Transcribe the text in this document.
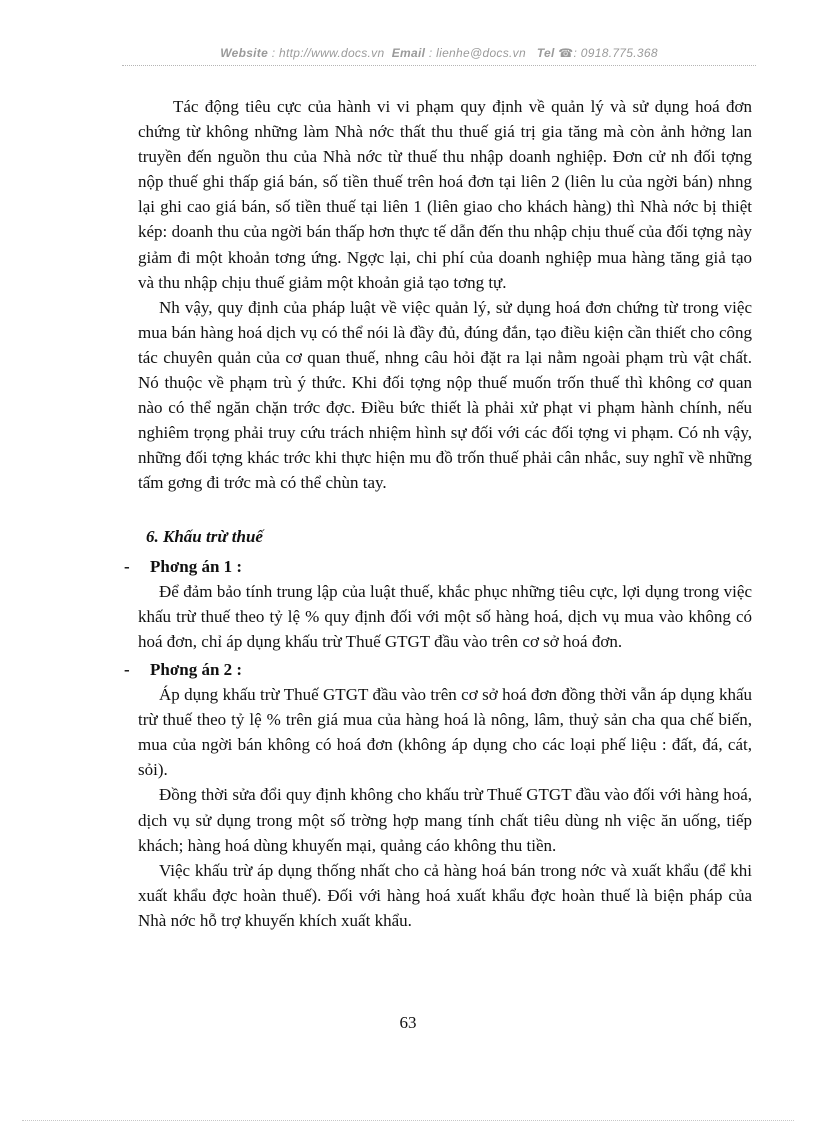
Website : http://www.docs.vn Email : lienhe@docs.vn Tel ☎: 0918.775.368

Tác động tiêu cực của hành vi vi phạm quy định về quản lý và sử dụng hoá đơn chứng từ không những làm Nhà nớc thất thu thuế giá trị gia tăng mà còn ảnh hởng lan truyền đến nguồn thu của Nhà nớc từ thuế thu nhập doanh nghiệp. Đơn cử nh đối tợng nộp thuế ghi thấp giá bán, số tiền thuế trên hoá đơn tại liên 2 (liên lu của ngời bán) nhng lại ghi cao giá bán, số tiền thuế tại liên 1 (liên giao cho khách hàng) thì Nhà nớc bị thiệt kép: doanh thu của ngời bán thấp hơn thực tế dẫn đến thu nhập chịu thuế của đối tợng này giảm đi một khoản tơng ứng. Ngợc lại, chi phí của doanh nghiệp mua hàng tăng giả tạo và thu nhập chịu thuế giảm một khoản giả tạo tơng tự.

Nh vậy, quy định của pháp luật về việc quản lý, sử dụng hoá đơn chứng từ trong việc mua bán hàng hoá dịch vụ có thể nói là đầy đủ, đúng đắn, tạo điều kiện cần thiết cho công tác chuyên quản của cơ quan thuế, nhng câu hỏi đặt ra lại nằm ngoài phạm trù vật chất. Nó thuộc về phạm trù ý thức. Khi đối tợng nộp thuế muốn trốn thuế thì không cơ quan nào có thể ngăn chặn trớc đợc. Điều bức thiết là phải xử phạt vi phạm hành chính, nếu nghiêm trọng phải truy cứu trách nhiệm hình sự đối với các đối tợng vi phạm. Có nh vậy, những đối tợng khác trớc khi thực hiện mu đồ trốn thuế phải cân nhắc, suy nghĩ về những tấm gơng đi trớc mà có thể chùn tay.

6. Khấu trừ thuế
-	Phơng án 1 :

Để đảm bảo tính trung lập của luật thuế, khắc phục những tiêu cực, lợi dụng trong việc khấu trừ thuế theo tỷ lệ % quy định đối với một số hàng hoá, dịch vụ mua vào không có hoá đơn, chỉ áp dụng khấu trừ Thuế GTGT đầu vào trên cơ sở hoá đơn.

-	Phơng án 2 :

Áp dụng khấu trừ Thuế GTGT đầu vào trên cơ sở hoá đơn đồng thời vẫn áp dụng khấu trừ thuế theo tỷ lệ % trên giá mua của hàng hoá là nông, lâm, thuỷ sản cha qua chế biến, mua của ngời bán không có hoá đơn (không áp dụng cho các loại phế liệu : đất, đá, cát, sỏi).

Đồng thời sửa đổi quy định không cho khấu trừ Thuế GTGT đầu vào đối với hàng hoá, dịch vụ sử dụng trong một số trờng hợp mang tính chất tiêu dùng nh việc ăn uống, tiếp khách; hàng hoá dùng khuyến mại, quảng cáo không thu tiền.

Việc khấu trừ áp dụng thống nhất cho cả hàng hoá bán trong nớc và xuất khẩu (để khi xuất khẩu đợc hoàn thuế). Đối với hàng hoá xuất khẩu đợc hoàn thuế là biện pháp của Nhà nớc hỗ trợ khuyến khích xuất khẩu.

63
